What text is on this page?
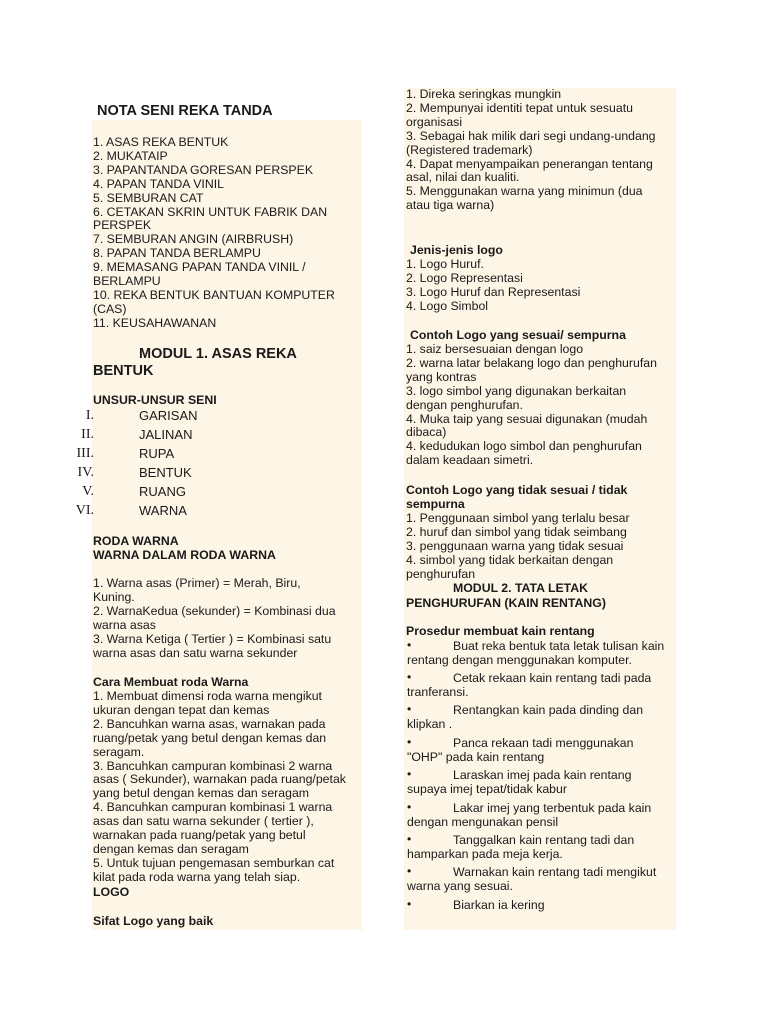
NOTA SENI REKA TANDA
1. ASAS REKA BENTUK
2. MUKATAIP
3. PAPANTANDA GORESAN PERSPEK
4. PAPAN TANDA VINIL
5. SEMBURAN CAT
6. CETAKAN SKRIN UNTUK FABRIK DAN
PERSPEK
7. SEMBURAN ANGIN (AIRBRUSH)
8. PAPAN TANDA BERLAMPU
9. MEMASANG PAPAN TANDA VINIL /
BERLAMPU
10. REKA BENTUK BANTUAN KOMPUTER
(CAS)
11. KEUSAHAWANAN
MODUL 1. ASAS REKA
BENTUK
UNSUR-UNSUR SENI
I.	GARISAN
II.	JALINAN
III.	RUPA
IV.	BENTUK
V.	RUANG
VI.	WARNA
RODA WARNA
WARNA DALAM RODA WARNA
1. Warna asas (Primer) = Merah, Biru,
Kuning.
2. WarnaKedua (sekunder) = Kombinasi dua
warna asas
3. Warna Ketiga ( Tertier ) = Kombinasi satu
warna asas dan satu warna sekunder
Cara Membuat roda Warna
1. Membuat dimensi roda warna mengikut
ukuran dengan tepat dan kemas
2. Bancuhkan warna asas, warnakan pada
ruang/petak yang betul dengan kemas dan
seragam.
3. Bancuhkan campuran kombinasi 2 warna
asas ( Sekunder), warnakan pada ruang/petak
yang betul dengan kemas dan seragam
4. Bancuhkan campuran kombinasi 1 warna
asas dan satu warna sekunder ( tertier ),
warnakan pada ruang/petak yang betul
dengan kemas dan seragam
5. Untuk tujuan pengemasan semburkan cat
kilat pada roda warna yang telah siap.
LOGO
Sifat Logo yang baik
1. Direka seringkas mungkin
2. Mempunyai identiti tepat untuk sesuatu
organisasi
3. Sebagai hak milik dari segi undang-undang
(Registered trademark)
4. Dapat menyampaikan penerangan tentang
asal, nilai dan kualiti.
5. Menggunakan warna yang minimun (dua
atau tiga warna)
Jenis-jenis logo
1. Logo Huruf.
2. Logo Representasi
3. Logo Huruf dan Representasi
4. Logo Simbol
Contoh Logo yang sesuai/ sempurna
1. saiz bersesuaian dengan logo
2. warna latar belakang logo dan penghurufan
yang kontras
3. logo simbol yang digunakan berkaitan
dengan penghurufan.
4. Muka taip yang sesuai digunakan (mudah
dibaca)
4. kedudukan logo simbol dan penghurufan
dalam keadaan simetri.
Contoh Logo yang tidak sesuai / tidak
sempurna
1. Penggunaan simbol yang terlalu besar
2. huruf dan simbol yang tidak seimbang
3. penggunaan warna yang tidak sesuai
4. simbol yang tidak berkaitan dengan
penghurufan
MODUL 2. TATA LETAK
PENGHURUFAN (KAIN RENTANG)
Prosedur membuat kain rentang
•	Buat reka bentuk tata letak tulisan kain
rentang dengan menggunakan komputer.
•	Cetak rekaan kain rentang tadi pada
tranferansi.
•	Rentangkan kain pada dinding dan
klipkan .
•	Panca rekaan tadi menggunakan
"OHP" pada kain rentang
•	Laraskan imej pada kain rentang
supaya imej tepat/tidak kabur
•	Lakar imej yang terbentuk pada kain
dengan mengunakan pensil
•	Tanggalkan kain rentang tadi dan
hamparkan pada meja kerja.
•	Warnakan kain rentang tadi mengikut
warna yang sesuai.
•	Biarkan ia kering
